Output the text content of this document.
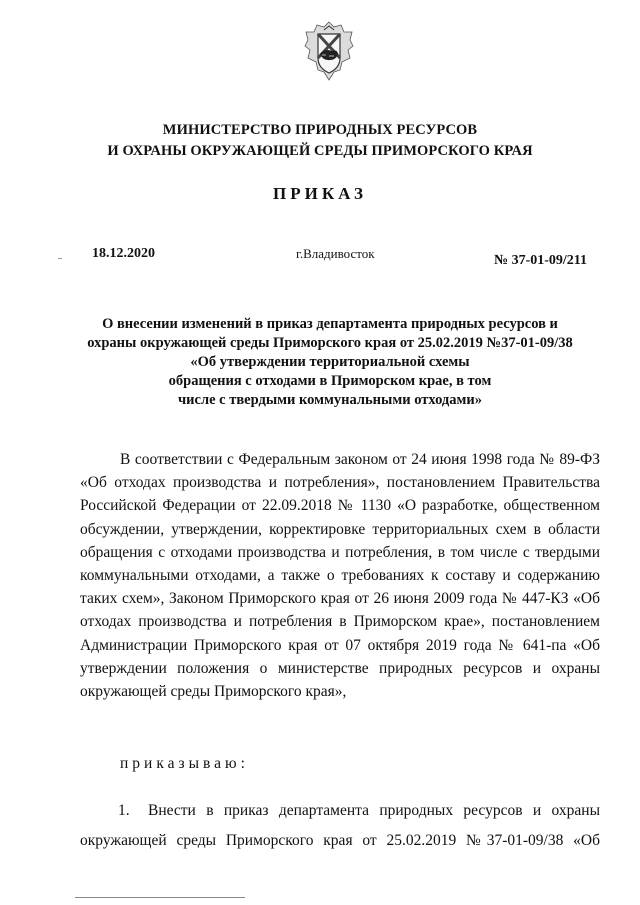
МИНИСТЕРСТВО ПРИРОДНЫХ РЕСУРСОВ
И ОХРАНЫ ОКРУЖАЮЩЕЙ СРЕДЫ ПРИМОРСКОГО КРАЯ
ПРИКАЗ
18.12.2020	г.Владивосток	№ 37-01-09/211
О внесении изменений в приказ департамента природных ресурсов и
охраны окружающей среды Приморского края от 25.02.2019 №37-01-09/38
«Об утверждении территориальной схемы
обращения с отходами в Приморском крае, в том
числе с твердыми коммунальными отходами»
В соответствии с Федеральным законом от 24 июня 1998 года № 89-ФЗ
«Об отходах производства и потребления», постановлением Правительства
Российской Федерации от 22.09.2018 № 1130 «О разработке, общественном
обсуждении, утверждении, корректировке территориальных схем в области
обращения с отходами производства и потребления, в том числе с твердыми
коммунальными отходами, а также о требованиях к составу и содержанию
таких схем», Законом Приморского края от 26 июня 2009 года № 447-КЗ «Об
отходах производства и потребления в Приморском крае», постановлением
Администрации Приморского края от 07 октября 2019 года № 641-па «Об
утверждении положения о министерстве природных ресурсов и охраны
окружающей среды Приморского края»,
приказываю:
1. Внести в приказ департамента природных ресурсов и охраны
окружающей среды Приморского края от 25.02.2019 №37-01-09/38 «Об
